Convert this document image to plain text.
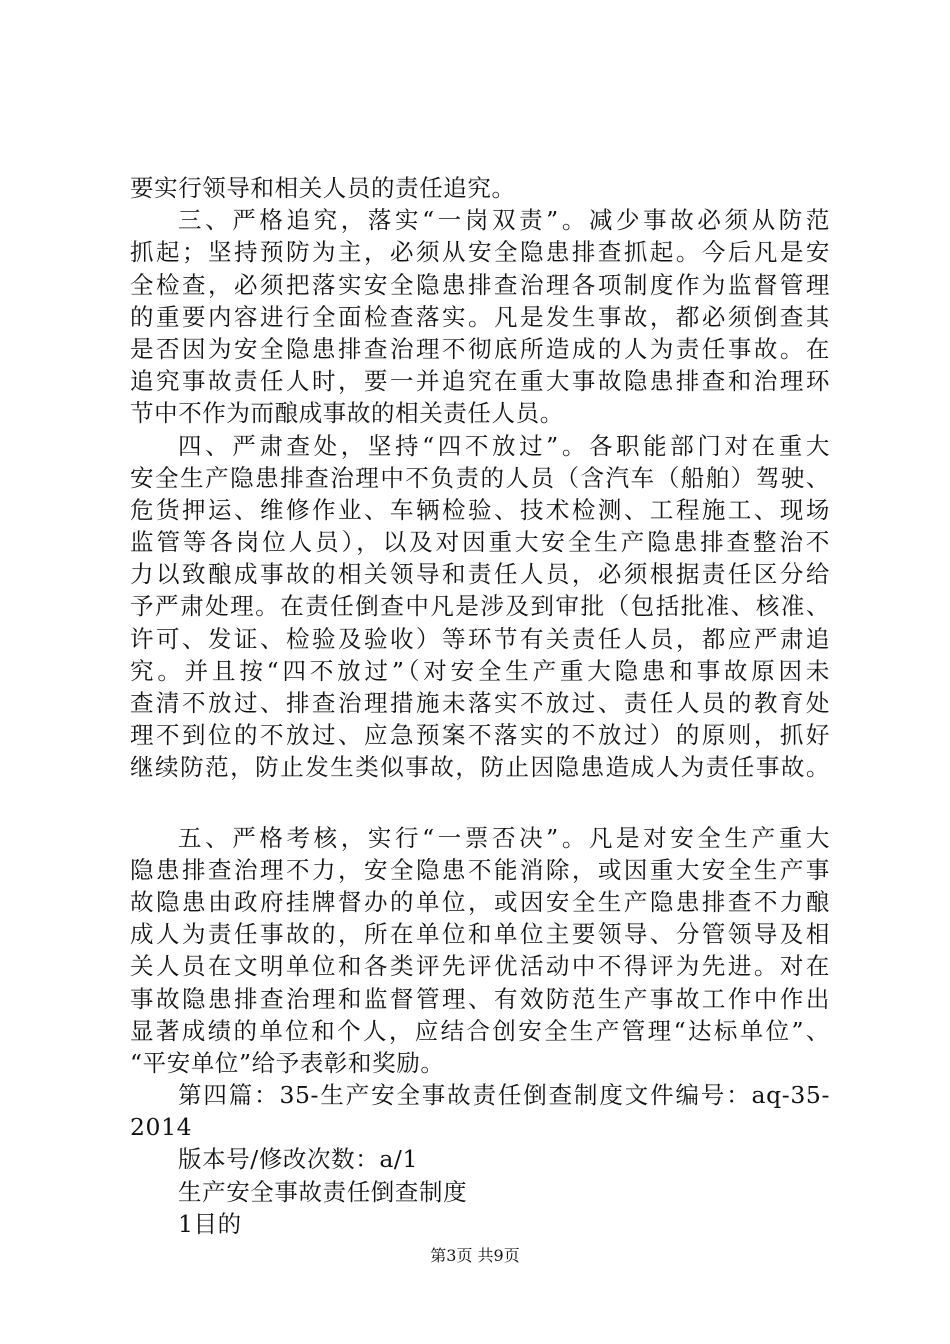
要实行领导和相关人员的责任追究。
三、严格追究，落实“一岗双责”。减少事故必须从防范
抓起；坚持预防为主，必须从安全隐患排查抓起。今后凡是安
全检查，必须把落实安全隐患排查治理各项制度作为监督管理
的重要内容进行全面检查落实。凡是发生事故，都必须倒查其
是否因为安全隐患排查治理不彻底所造成的人为责任事故。在
追究事故责任人时，要一并追究在重大事故隐患排查和治理环
节中不作为而酿成事故的相关责任人员。
四、严肃查处，坚持“四不放过”。各职能部门对在重大
安全生产隐患排查治理中不负责的人员（含汽车（船舶）驾驶、
危货押运、维修作业、车辆检验、技术检测、工程施工、现场
监管等各岗位人员），以及对因重大安全生产隐患排查整治不
力以致酿成事故的相关领导和责任人员，必须根据责任区分给
予严肃处理。在责任倒查中凡是涉及到审批（包括批准、核准、
许可、发证、检验及验收）等环节有关责任人员，都应严肃追
究。并且按“四不放过”（对安全生产重大隐患和事故原因未
查清不放过、排查治理措施未落实不放过、责任人员的教育处
理不到位的不放过、应急预案不落实的不放过）的原则，抓好
继续防范，防止发生类似事故，防止因隐患造成人为责任事故。
五、严格考核，实行“一票否决”。凡是对安全生产重大
隐患排查治理不力，安全隐患不能消除，或因重大安全生产事
故隐患由政府挂牌督办的单位，或因安全生产隐患排查不力酿
成人为责任事故的，所在单位和单位主要领导、分管领导及相
关人员在文明单位和各类评先评优活动中不得评为先进。对在
事故隐患排查治理和监督管理、有效防范生产事故工作中作出
显著成绩的单位和个人，应结合创安全生产管理“达标单位”、
“平安单位”给予表彰和奖励。
第四篇：35-生产安全事故责任倒查制度文件编号：aq-35-
2014
版本号/修改次数：a/1
生产安全事故责任倒查制度
1目的
第3页 共9页
